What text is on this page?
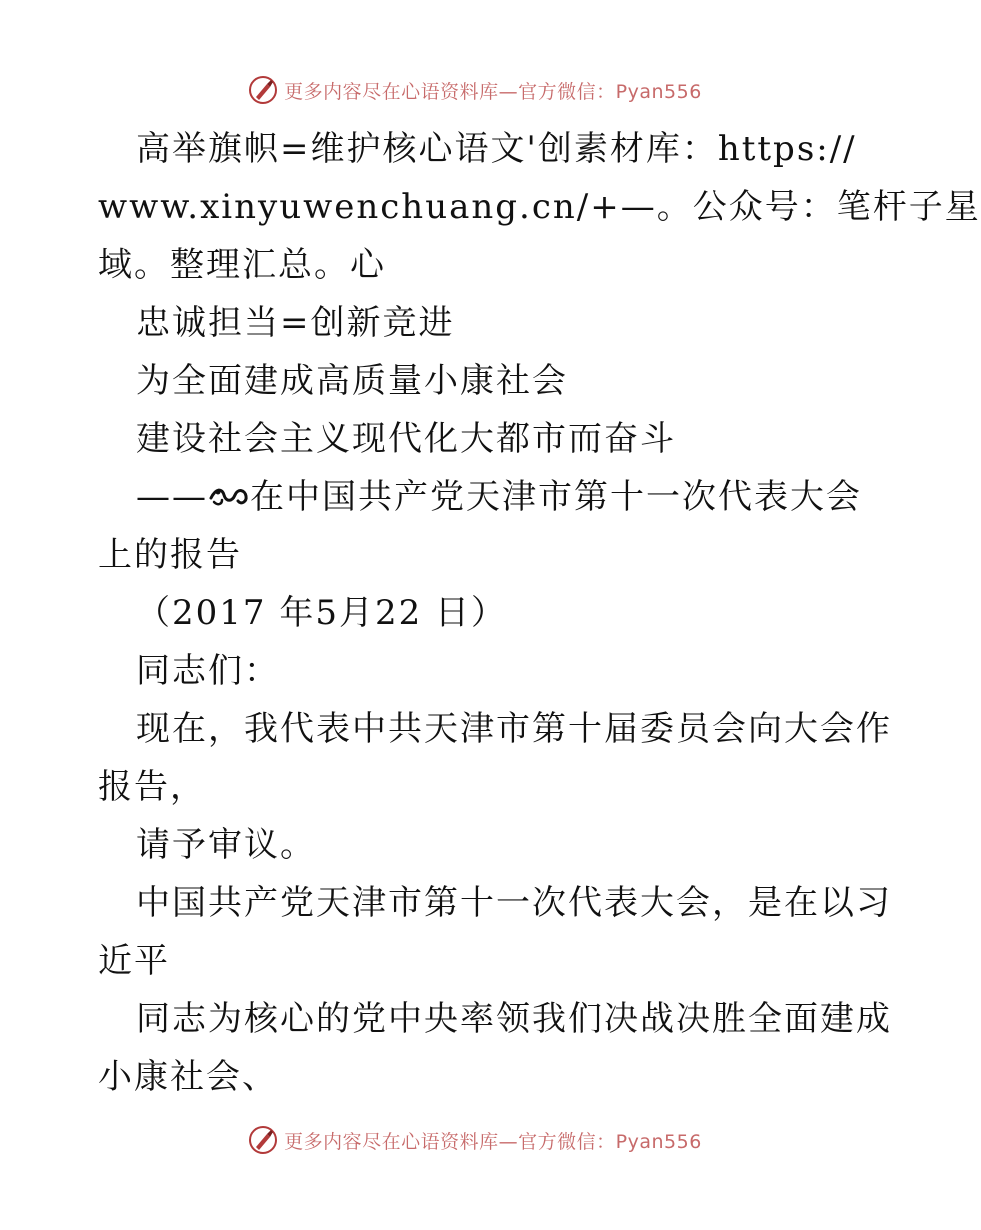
更多内容尽在心语资料库—官方微信：Pyan556
高举旗帜=维护核心语文'创素材库：https://
www.xinyuwenchuang.cn/+—。公众号：笔杆子星
域。整理汇总。心
忠诚担当=创新竞进
为全面建成高质量小康社会
建设社会主义现代化大都市而奋斗
—— 在中国共产党天津市第十一次代表大会
上的报告
（2017 年5月22 日）
同志们：
现在，我代表中共天津市第十届委员会向大会作
报告，
请予审议。
中国共产党天津市第十一次代表大会，是在以习
近平
同志为核心的党中央率领我们决战决胜全面建成
小康社会、
更多内容尽在心语资料库—官方微信：Pyan556
